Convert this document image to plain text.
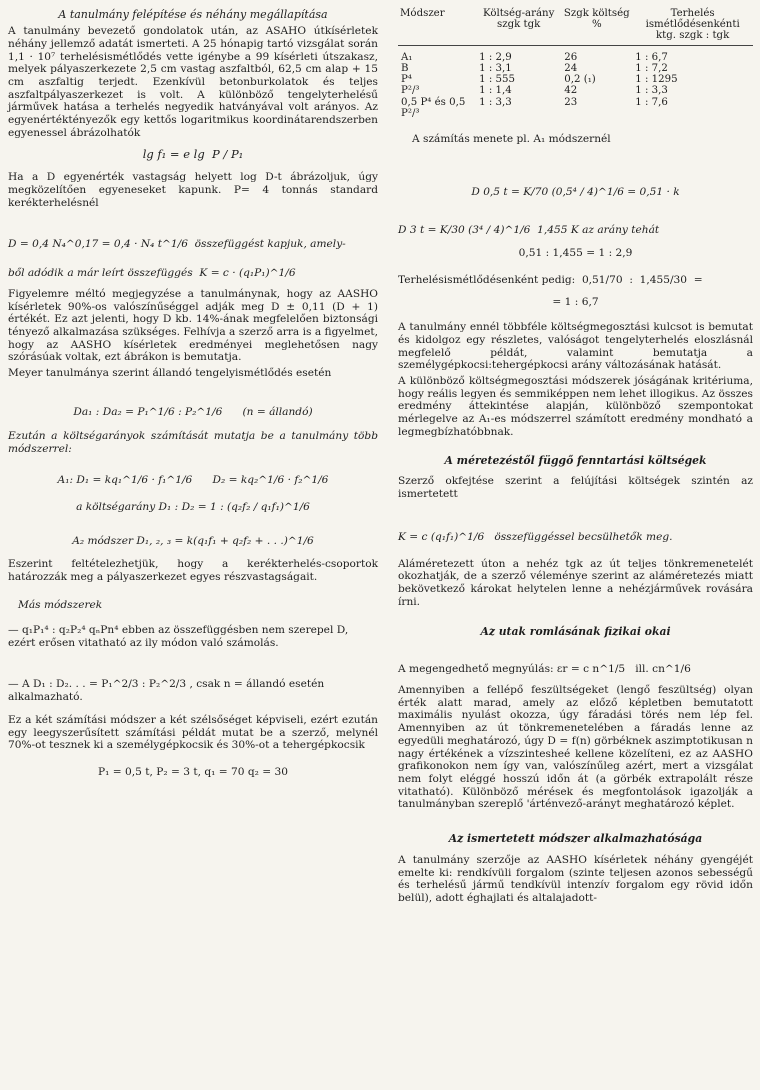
A tanulmány felépítése és néhány megállapítása

A tanulmány bevezető gondolatok után, az ASAHO útkísérletek néhány jellemző adatát ismerteti. A 25 hónapig tartó vizsgálat során 1,1 · 10⁷ terhelésismétlődés vette igénybe a 99 kísérleti útszakasz, melyek pályaszerkezete 2,5 cm vastag aszfaltból, 62,5 cm alap + 15 cm aszfaltig terjedt. Ezenkívül betonburkolatok és teljes aszfaltpályaszerkezet is volt. A különböző tengelyterhelésű járművek hatása a terhelés negyedik hatványával volt arányos. Az egyenértéktényezők egy kettős logaritmikus koordinátarendszerben egyenessel ábrázolhatók

lg f₁ = e lg  P / P₁

Ha a D egyenérték vastagság helyett log D-t ábrázoljuk, úgy megközelítően egyeneseket kapunk. P= 4 tonnás standard kerékterhelésnél

D = 0,4 N₄^0,17 = 0,4 · N₄ t^1/6  összefüggést kapjuk, amely-
ből adódik a már leírt összefüggés  K = c · (q₁P₁)^1/6

Figyelemre méltó megjegyzése a tanulmánynak, hogy az AASHO kísérletek 90%-os valószínűséggel adják meg D ± 0,11 (D + 1) értékét. Ez azt jelenti, hogy D kb. 14%-ának megfelelően biztonsági tényező alkalmazása szükséges. Felhívja a szerző arra is a figyelmet, hogy az AASHO kísérletek eredményei meglehetősen nagy szórásúak voltak, ezt ábrákon is bemutatja.

Meyer tanulmánya szerint állandó tengelyismétlődés esetén

Da₁ : Da₂ = P₁^1/6 : P₂^1/6      (n = állandó)

Ezután a költségarányok számítását mutatja be a tanulmány több módszerrel:

A₁: D₁ = kq₁^1/6 · f₁^1/6      D₂ = kq₂^1/6 · f₂^1/6
a költségarány D₁ : D₂ = 1 : (q₂f₂ / q₁f₁)^1/6
A₂ módszer D₁, ₂, ₃ = k(q₁f₁ + q₂f₂ + . . .)^1/6

Eszerint feltételezhetjük, hogy a kerékterhelés-csoportok határozzák meg a pályaszerkezet egyes részvastagságait.

Más módszerek

— q₁P₁⁴ : q₂P₂⁴ qₙPn⁴ ebben az összefüggésben nem szerepel D, ezért erősen vitatható az ily módon való számolás.

— A D₁ : D₂. . . = P₁^2/3 : P₂^2/3 , csak n = állandó esetén alkalmazható.

Ez a két számítási módszer a két szélsőséget képviseli, ezért ezután egy leegyszerűsített számítási példát mutat be a szerző, melynél 70%-ot tesznek ki a személygépkocsik és 30%-ot a tehergépkocsik

P₁ = 0,5 t, P₂ = 3 t, q₁ = 70 q₂ = 30
Módszer	Költség-arány szgk tgk	Szgk költség %	Terhelés ismétlődésenkénti ktg. szgk : tgk
A₁	1 : 2,9	26	1 : 6,7
B	1 : 3,1	24	1 : 7,2
P⁴	1 : 555	0,2 (₁)	1 : 1295
P²/³	1 : 1,4	42	1 : 3,3
0,5 P⁴ és 0,5 P²/³	1 : 3,3	23	1 : 7,6

A számítás menete pl. A₁ módszernél

D 0,5 t = K/70 (0,5⁴ / 4)^1/6 = 0,51 · k
D 3 t = K/30 (3⁴ / 4)^1/6  1,455 K az arány tehát
0,51 : 1,455 = 1 : 2,9
Terhelésismétlődésenként pedig:  0,51/70  :  1,455/30  =
= 1 : 6,7

A tanulmány ennél többféle költségmegosztási kulcsot is bemutat és kidolgoz egy részletes, valóságot tengelyterhelés eloszlásnál megfelelő példát, valamint bemutatja a személygépkocsi:tehergépkocsi arány változásának hatását.

A különböző költségmegosztási módszerek jóságának kritériuma, hogy reális legyen és semmiképpen nem lehet illogikus. Az összes eredmény áttekintése alapján, különböző szempontokat mérlegelve az A₁-es módszerrel számított eredmény mondható a legmegbízhatóbbnak.

A méretezéstől függő fenntartási költségek

Szerző okfejtése szerint a felújítási költségek szintén az ismertetett

K = c (q₁f₁)^1/6   összefüggéssel becsülhetők meg.

Aláméretezett úton a nehéz tgk az út teljes tönkremenetelét okozhatják, de a szerző véleménye szerint az aláméretezés miatt bekövetkező károkat helytelen lenne a nehézjárművek rovására írni.

Az utak romlásának fizikai okai
A megengedhető megnyúlás: εr = c n^1/5   ill. cn^1/6

Amennyiben a fellépő feszültségeket (lengő feszültség) olyan érték alatt marad, amely az előző képletben bemutatott maximális nyulást okozza, úgy fáradási törés nem lép fel. Amennyiben az út tönkremenetelében a fáradás lenne az egyedüli meghatározó, úgy D = f(n) görbéknek aszimptotikusan n nagy értékének a vízszintesheé kellene közelíteni, ez az AASHO grafikonokon nem így van, valószínűleg azért, mert a vizsgálat nem folyt eléggé hosszú időn át (a görbék extrapolált része vitatható). Különböző mérések és megfontolások igazolják a tanulmányban szereplő 'árténvező-arányt meghatározó képlet.

Az ismertetett módszer alkalmazhatósága

A tanulmány szerzője az AASHO kísérletek néhány gyengéjét emelte ki: rendkívüli forgalom (szinte teljesen azonos sebességű és terhelésű jármű tendkívül intenzív forgalom egy rövid időn belül), adott éghajlati és altalajadott-
